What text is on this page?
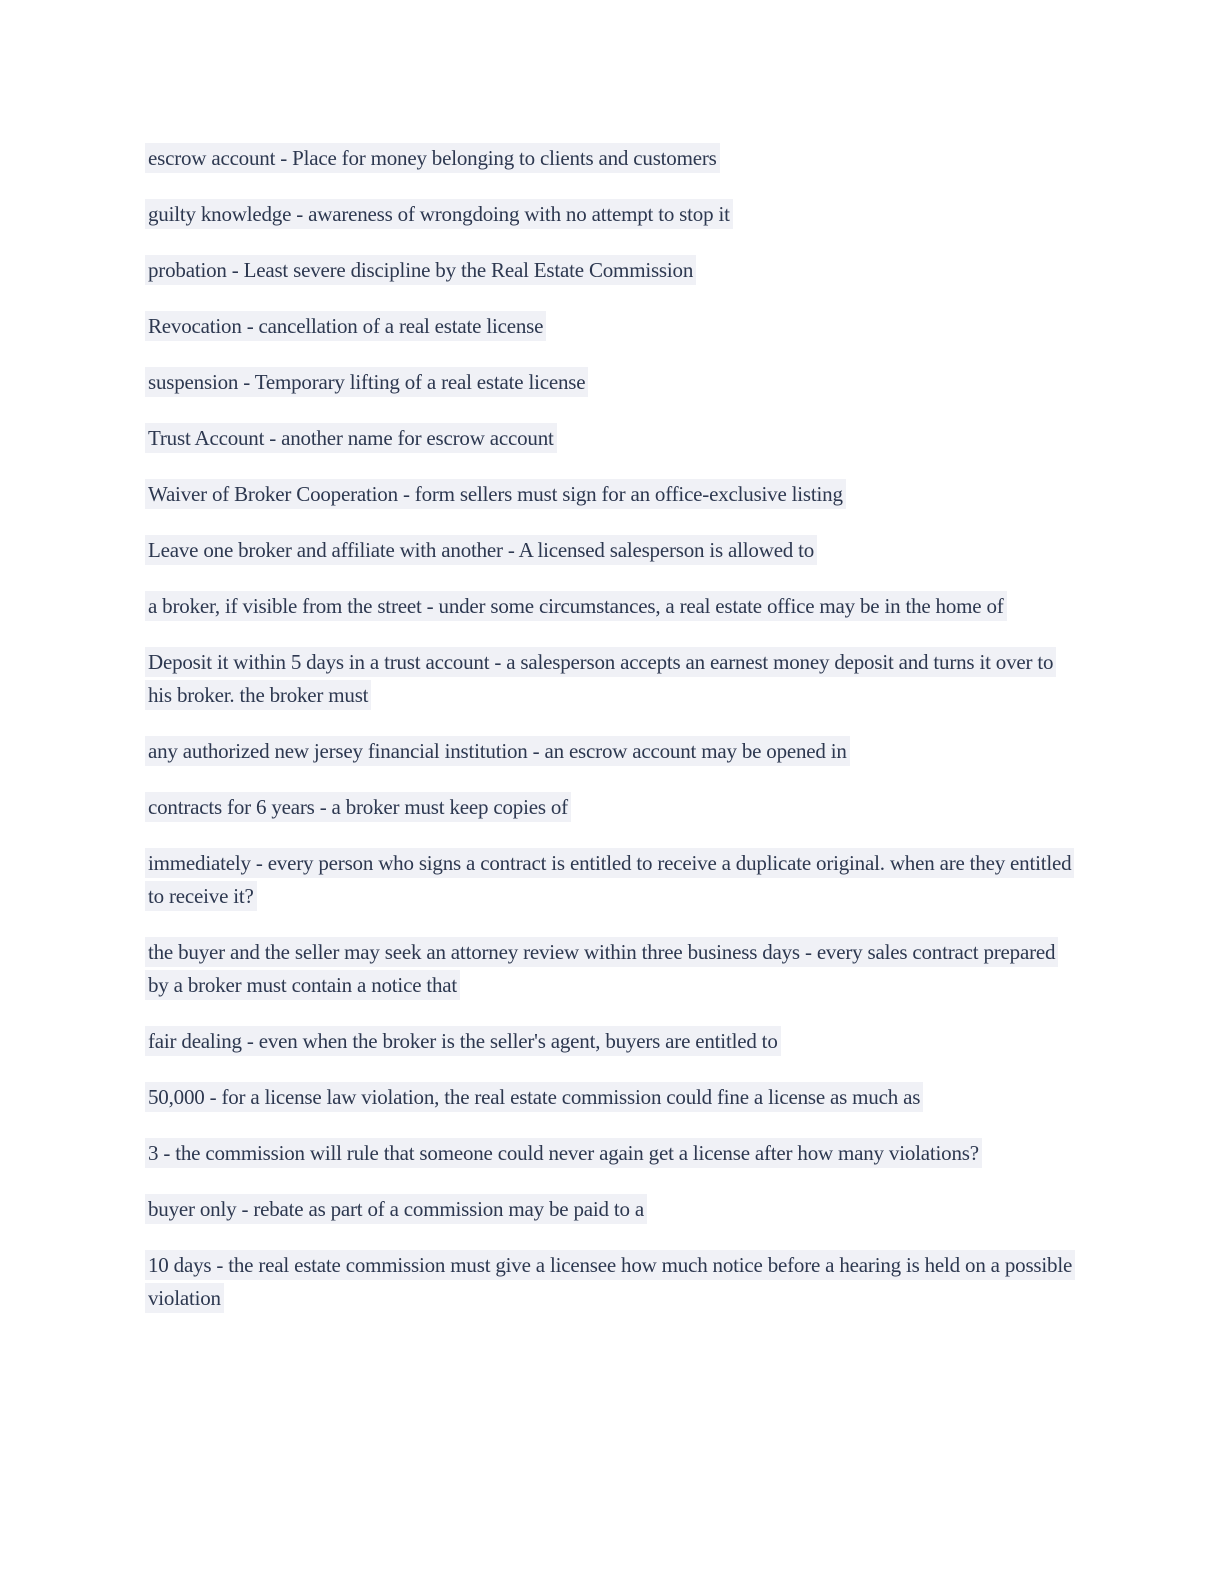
escrow account - Place for money belonging to clients and customers

guilty knowledge - awareness of wrongdoing with no attempt to stop it

probation - Least severe discipline by the Real Estate Commission

Revocation - cancellation of a real estate license

suspension - Temporary lifting of a real estate license

Trust Account - another name for escrow account

Waiver of Broker Cooperation - form sellers must sign for an office-exclusive listing

Leave one broker and affiliate with another - A licensed salesperson is allowed to

a broker, if visible from the street - under some circumstances, a real estate office may be in the home of

Deposit it within 5 days in a trust account - a salesperson accepts an earnest money deposit and turns it over to his broker. the broker must

any authorized new jersey financial institution - an escrow account may be opened in

contracts for 6 years - a broker must keep copies of

immediately - every person who signs a contract is entitled to receive a duplicate original. when are they entitled to receive it?

the buyer and the seller may seek an attorney review within three business days - every sales contract prepared by a broker must contain a notice that

fair dealing - even when the broker is the seller's agent, buyers are entitled to

50,000 - for a license law violation, the real estate commission could fine a license as much as

3 - the commission will rule that someone could never again get a license after how many violations?

buyer only - rebate as part of a commission may be paid to a

10 days - the real estate commission must give a licensee how much notice before a hearing is held on a possible violation
